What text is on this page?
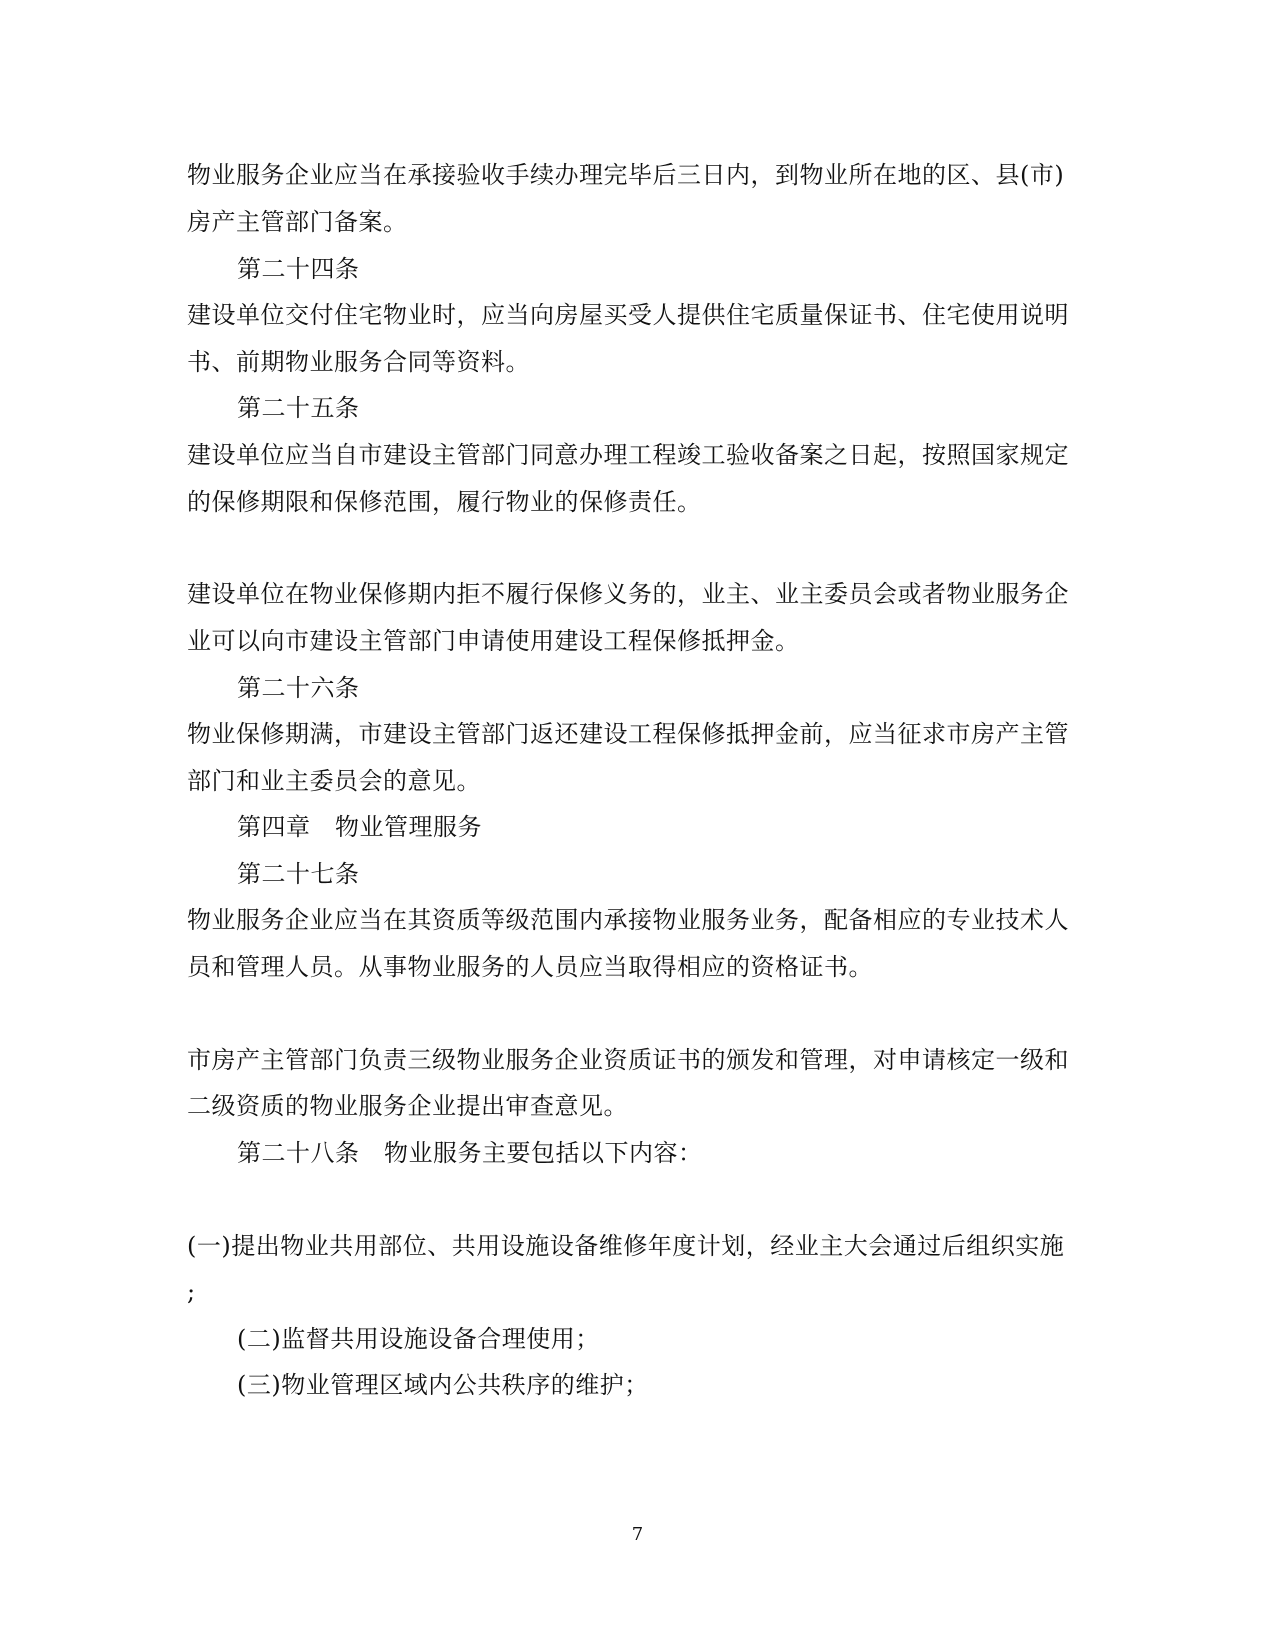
物业服务企业应当在承接验收手续办理完毕后三日内，到物业所在地的区、县(市)
房产主管部门备案。
第二十四条
建设单位交付住宅物业时，应当向房屋买受人提供住宅质量保证书、住宅使用说明
书、前期物业服务合同等资料。
第二十五条
建设单位应当自市建设主管部门同意办理工程竣工验收备案之日起，按照国家规定
的保修期限和保修范围，履行物业的保修责任。
建设单位在物业保修期内拒不履行保修义务的，业主、业主委员会或者物业服务企
业可以向市建设主管部门申请使用建设工程保修抵押金。
第二十六条
物业保修期满，市建设主管部门返还建设工程保修抵押金前，应当征求市房产主管
部门和业主委员会的意见。
第四章　物业管理服务
第二十七条
物业服务企业应当在其资质等级范围内承接物业服务业务，配备相应的专业技术人
员和管理人员。从事物业服务的人员应当取得相应的资格证书。
市房产主管部门负责三级物业服务企业资质证书的颁发和管理，对申请核定一级和
二级资质的物业服务企业提出审查意见。
第二十八条　物业服务主要包括以下内容：
(一)提出物业共用部位、共用设施设备维修年度计划，经业主大会通过后组织实施
;
(二)监督共用设施设备合理使用；
(三)物业管理区域内公共秩序的维护；
7
